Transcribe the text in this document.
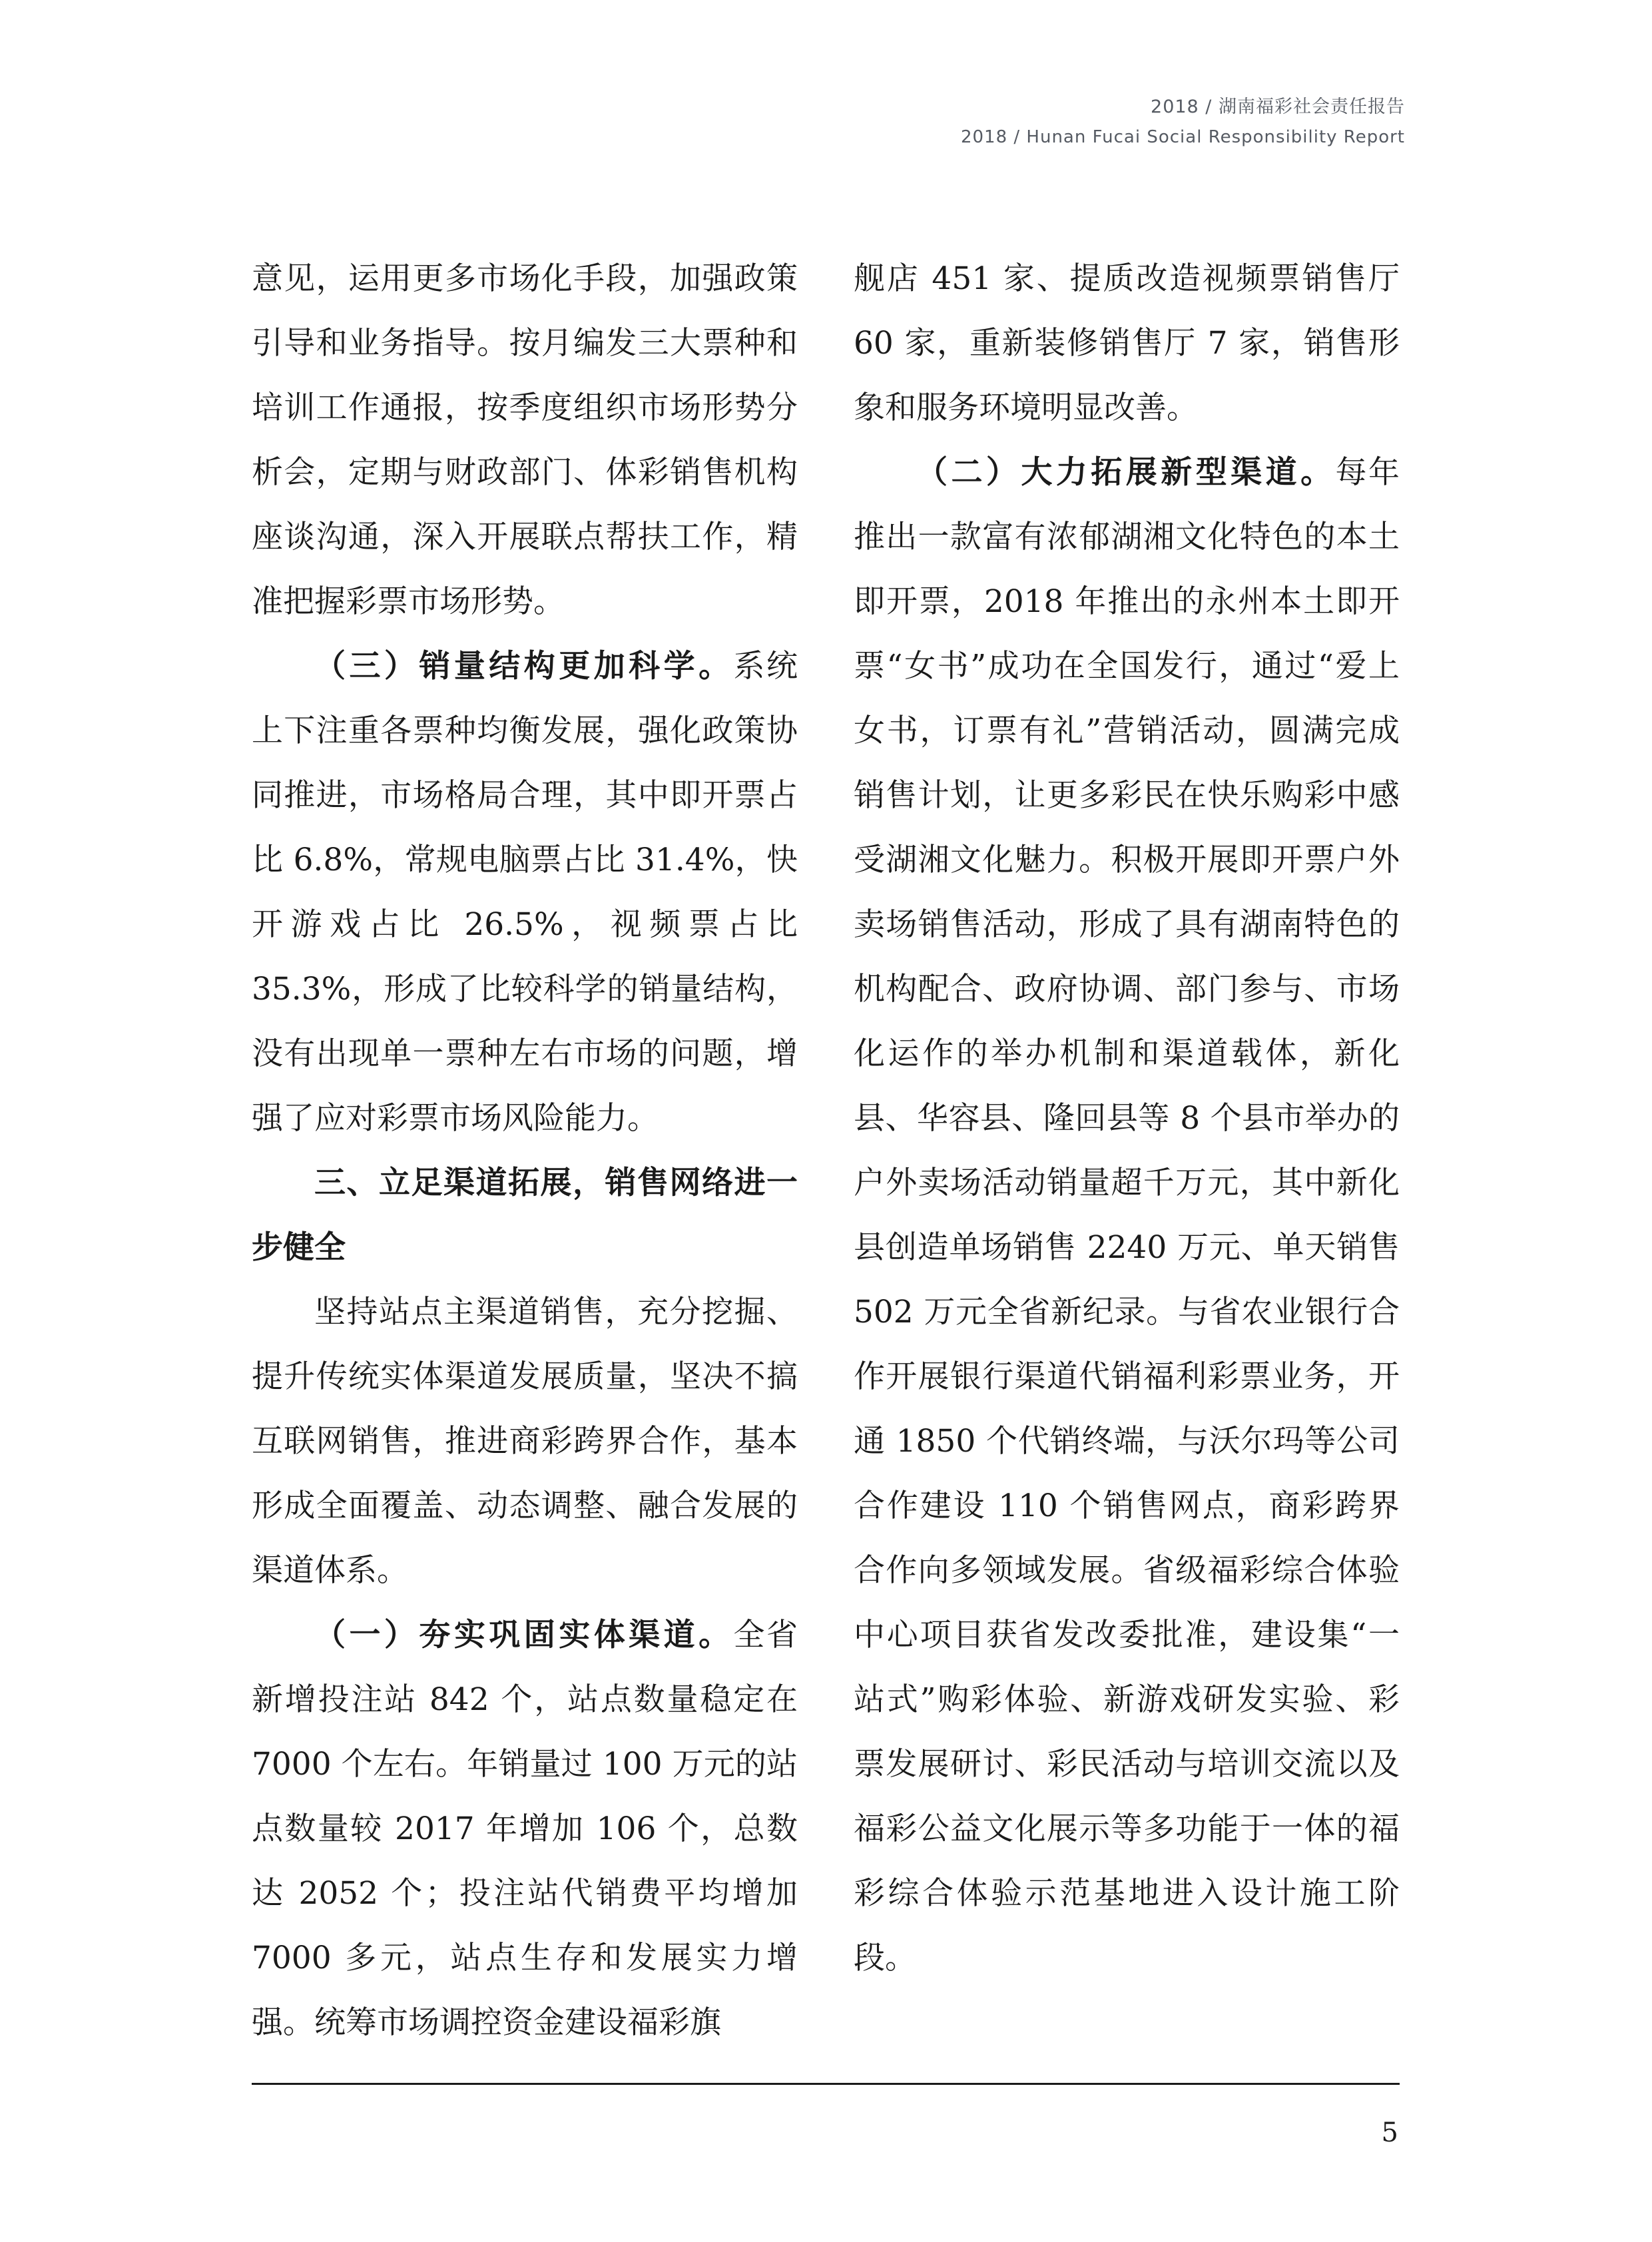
2018 / 湖南福彩社会责任报告
2018 / Hunan Fucai Social Responsibility Report

意见，运用更多市场化手段，加强政策引导和业务指导。按月编发三大票种和培训工作通报，按季度组织市场形势分析会，定期与财政部门、体彩销售机构座谈沟通，深入开展联点帮扶工作，精准把握彩票市场形势。

（三）销量结构更加科学。系统上下注重各票种均衡发展，强化政策协同推进，市场格局合理，其中即开票占比 6.8%，常规电脑票占比 31.4%，快开游戏占比 26.5%，视频票占比 35.3%，形成了比较科学的销量结构，没有出现单一票种左右市场的问题，增强了应对彩票市场风险能力。

三、立足渠道拓展，销售网络进一步健全

坚持站点主渠道销售，充分挖掘、提升传统实体渠道发展质量，坚决不搞互联网销售，推进商彩跨界合作，基本形成全面覆盖、动态调整、融合发展的渠道体系。

（一）夯实巩固实体渠道。全省新增投注站 842 个，站点数量稳定在 7000 个左右。年销量过 100 万元的站点数量较 2017 年增加 106 个，总数达 2052 个；投注站代销费平均增加 7000 多元，站点生存和发展实力增强。统筹市场调控资金建设福彩旗

舰店 451 家、提质改造视频票销售厅 60 家，重新装修销售厅 7 家，销售形象和服务环境明显改善。

（二）大力拓展新型渠道。每年推出一款富有浓郁湖湘文化特色的本土即开票，2018 年推出的永州本土即开票“女书”成功在全国发行，通过“爱上女书，订票有礼”营销活动，圆满完成销售计划，让更多彩民在快乐购彩中感受湖湘文化魅力。积极开展即开票户外卖场销售活动，形成了具有湖南特色的机构配合、政府协调、部门参与、市场化运作的举办机制和渠道载体，新化县、华容县、隆回县等 8 个县市举办的户外卖场活动销量超千万元，其中新化县创造单场销售 2240 万元、单天销售 502 万元全省新纪录。与省农业银行合作开展银行渠道代销福利彩票业务，开通 1850 个代销终端，与沃尔玛等公司合作建设 110 个销售网点，商彩跨界合作向多领域发展。省级福彩综合体验中心项目获省发改委批准，建设集“一站式”购彩体验、新游戏研发实验、彩票发展研讨、彩民活动与培训交流以及福彩公益文化展示等多功能于一体的福彩综合体验示范基地进入设计施工阶段。

5
